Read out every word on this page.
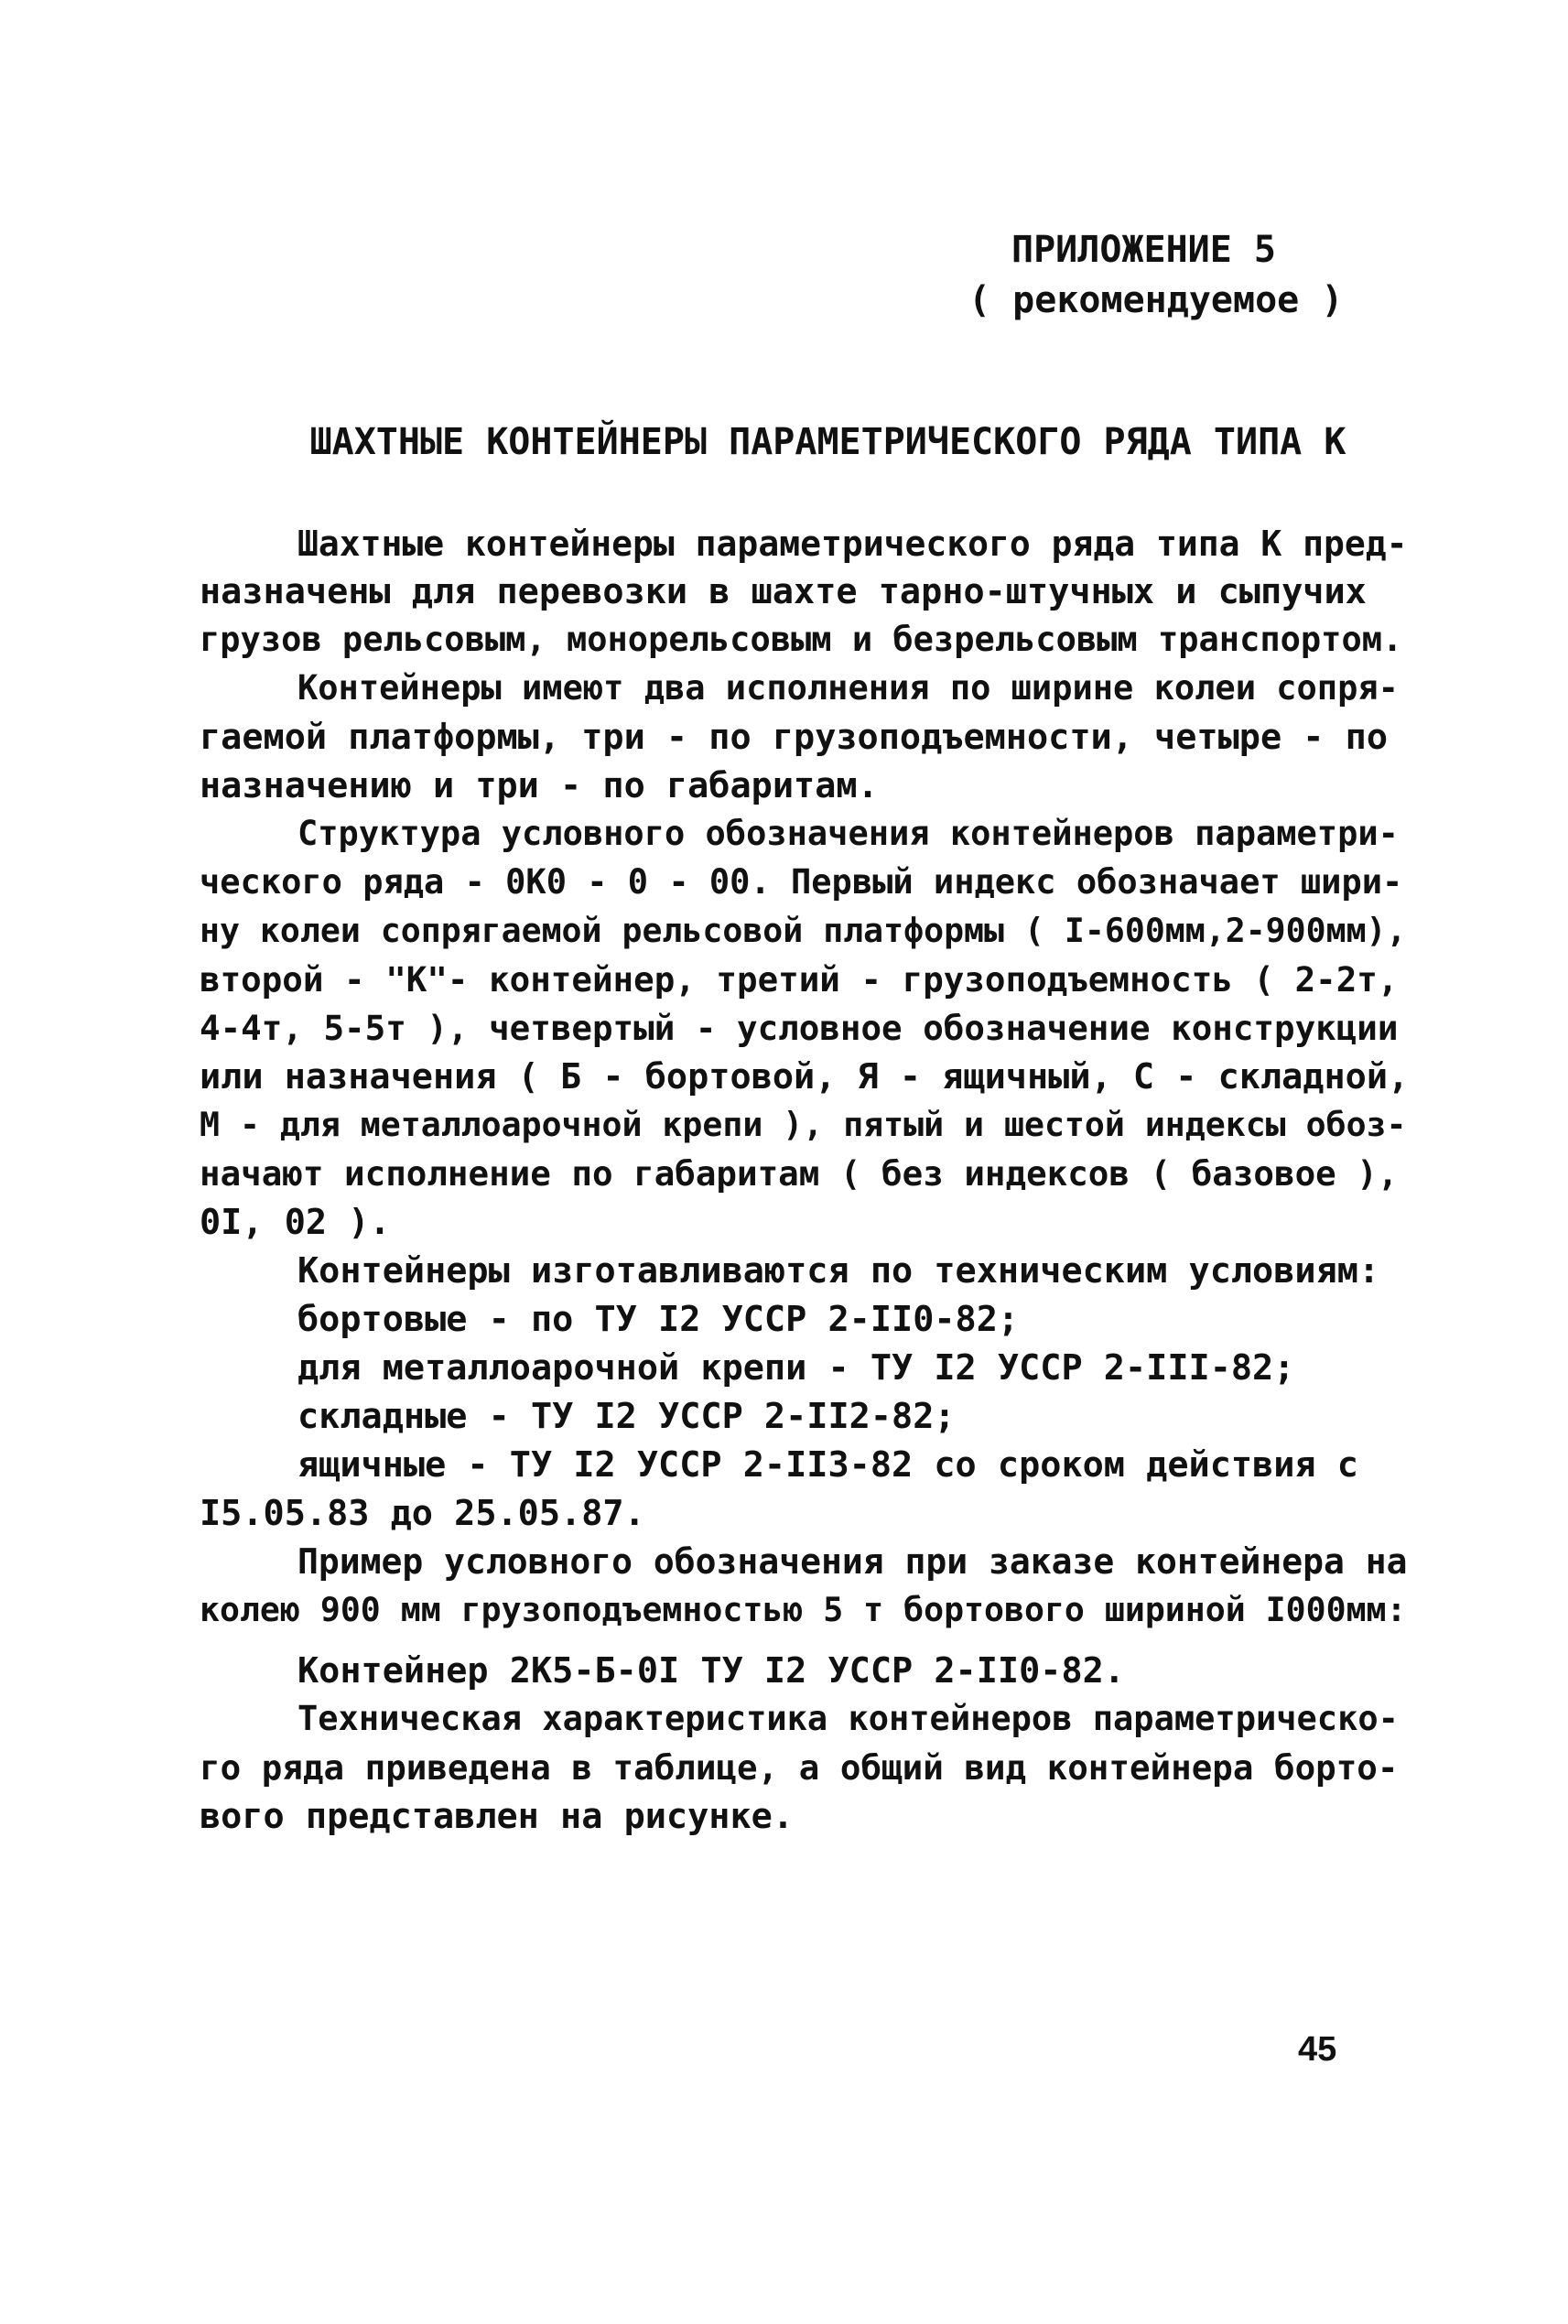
ПРИЛОЖЕНИЕ 5
( рекомендуемое )
ШАХТНЫЕ КОНТЕЙНЕРЫ ПАРАМЕТРИЧЕСКОГО РЯДА ТИПА К
Шахтные контейнеры параметрического ряда типа К пред-
назначены для перевозки в шахте тарно-штучных и сыпучих
грузов рельсовым, монорельсовым и безрельсовым транспортом.
Контейнеры имеют два исполнения по ширине колеи сопря-
гаемой платформы, три - по грузоподъемности, четыре - по
назначению и три - по габаритам.
Структура условного обозначения контейнеров параметри-
ческого ряда - 0К0 - 0 - 00. Первый индекс обозначает шири-
ну колеи сопрягаемой рельсовой платформы ( I-600мм,2-900мм),
второй - "К"- контейнер, третий - грузоподъемность ( 2-2т,
4-4т, 5-5т ), четвертый - условное обозначение конструкции
или назначения ( Б - бортовой, Я - ящичный, С - складной,
М - для металлоарочной крепи ), пятый и шестой индексы обоз-
начают исполнение по габаритам ( без индексов ( базовое ),
0I, 02 ).
Контейнеры изготавливаются по техническим условиям:
бортовые - по ТУ I2 УССР 2-II0-82;
для металлоарочной крепи - ТУ I2 УССР 2-III-82;
складные - ТУ I2 УССР 2-II2-82;
ящичные - ТУ I2 УССР 2-II3-82 со сроком действия с
I5.05.83 до 25.05.87.
Пример условного обозначения при заказе контейнера на
колею 900 мм грузоподъемностью 5 т бортового шириной I000мм:
Контейнер 2К5-Б-0I ТУ I2 УССР 2-II0-82.
Техническая характеристика контейнеров параметрическо-
го ряда приведена в таблице, а общий вид контейнера борто-
вого представлен на рисунке.
45
